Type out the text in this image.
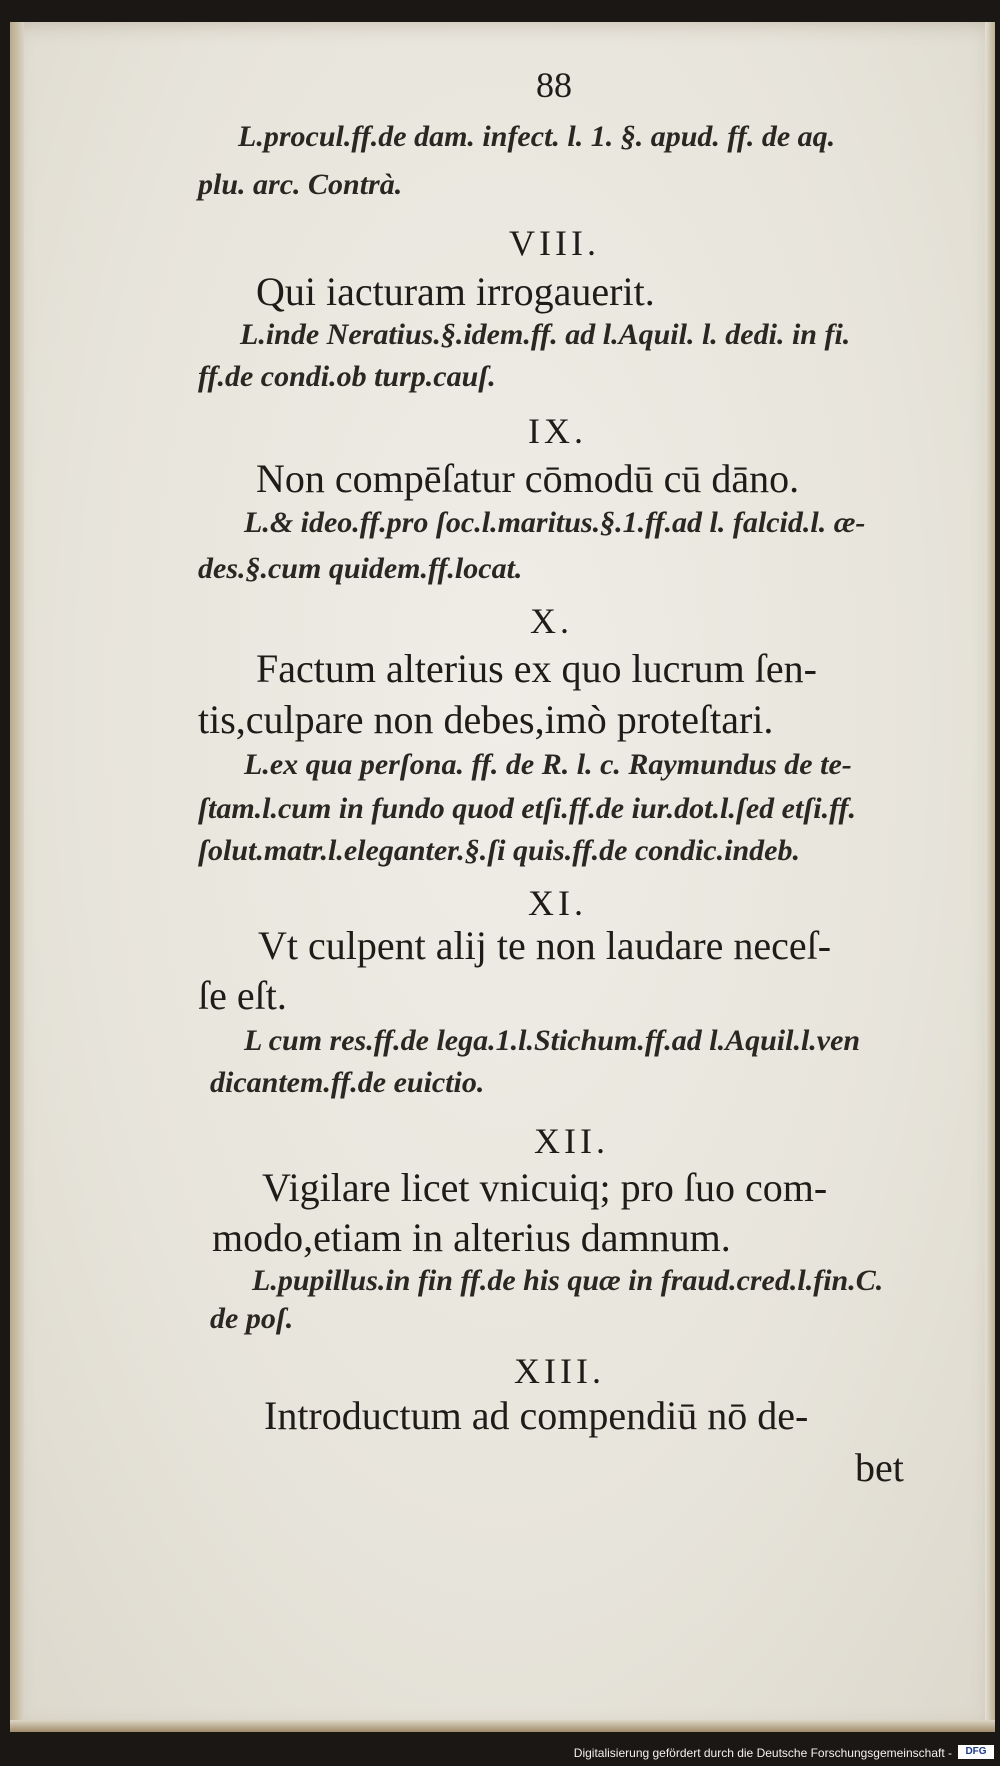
88

L.procul.ff.de dam. infect. l. 1. §. apud. ff. de aq.

plu. arc. Contrà.

VIII.

Qui iacturam irrogauerit.

L.inde Neratius.§.idem.ff. ad l.Aquil. l. dedi. in fi.

ff.de condi.ob turp.cauſ.

IX.

Non compēſatur cōmodū cū dāno.

L.& ideo.ff.pro ſoc.l.maritus.§.1.ff.ad l. falcid.l. æ-

des.§.cum quidem.ff.locat.

X.

Factum alterius ex quo lucrum ſen-

tis,culpare non debes,imò proteſtari.

L.ex qua perſona. ff. de R. l. c. Raymundus de te-

ſtam.l.cum in fundo quod etſi.ff.de iur.dot.l.ſed etſi.ff.

ſolut.matr.l.eleganter.§.ſi quis.ff.de condic.indeb.

XI.

Vt culpent alij te non laudare neceſ-

ſe eſt.

L cum res.ff.de lega.1.l.Stichum.ff.ad l.Aquil.l.ven

dicantem.ff.de euictio.

XII.

Vigilare licet vnicuiq; pro ſuo com-

modo,etiam in alterius damnum.

L.pupillus.in fin ff.de his quæ in fraud.cred.l.fin.C.

de poſ.

XIII.

Introductum ad compendiū nō de-

bet

Digitalisierung gefördert durch die Deutsche Forschungsgemeinschaft -	DFG
